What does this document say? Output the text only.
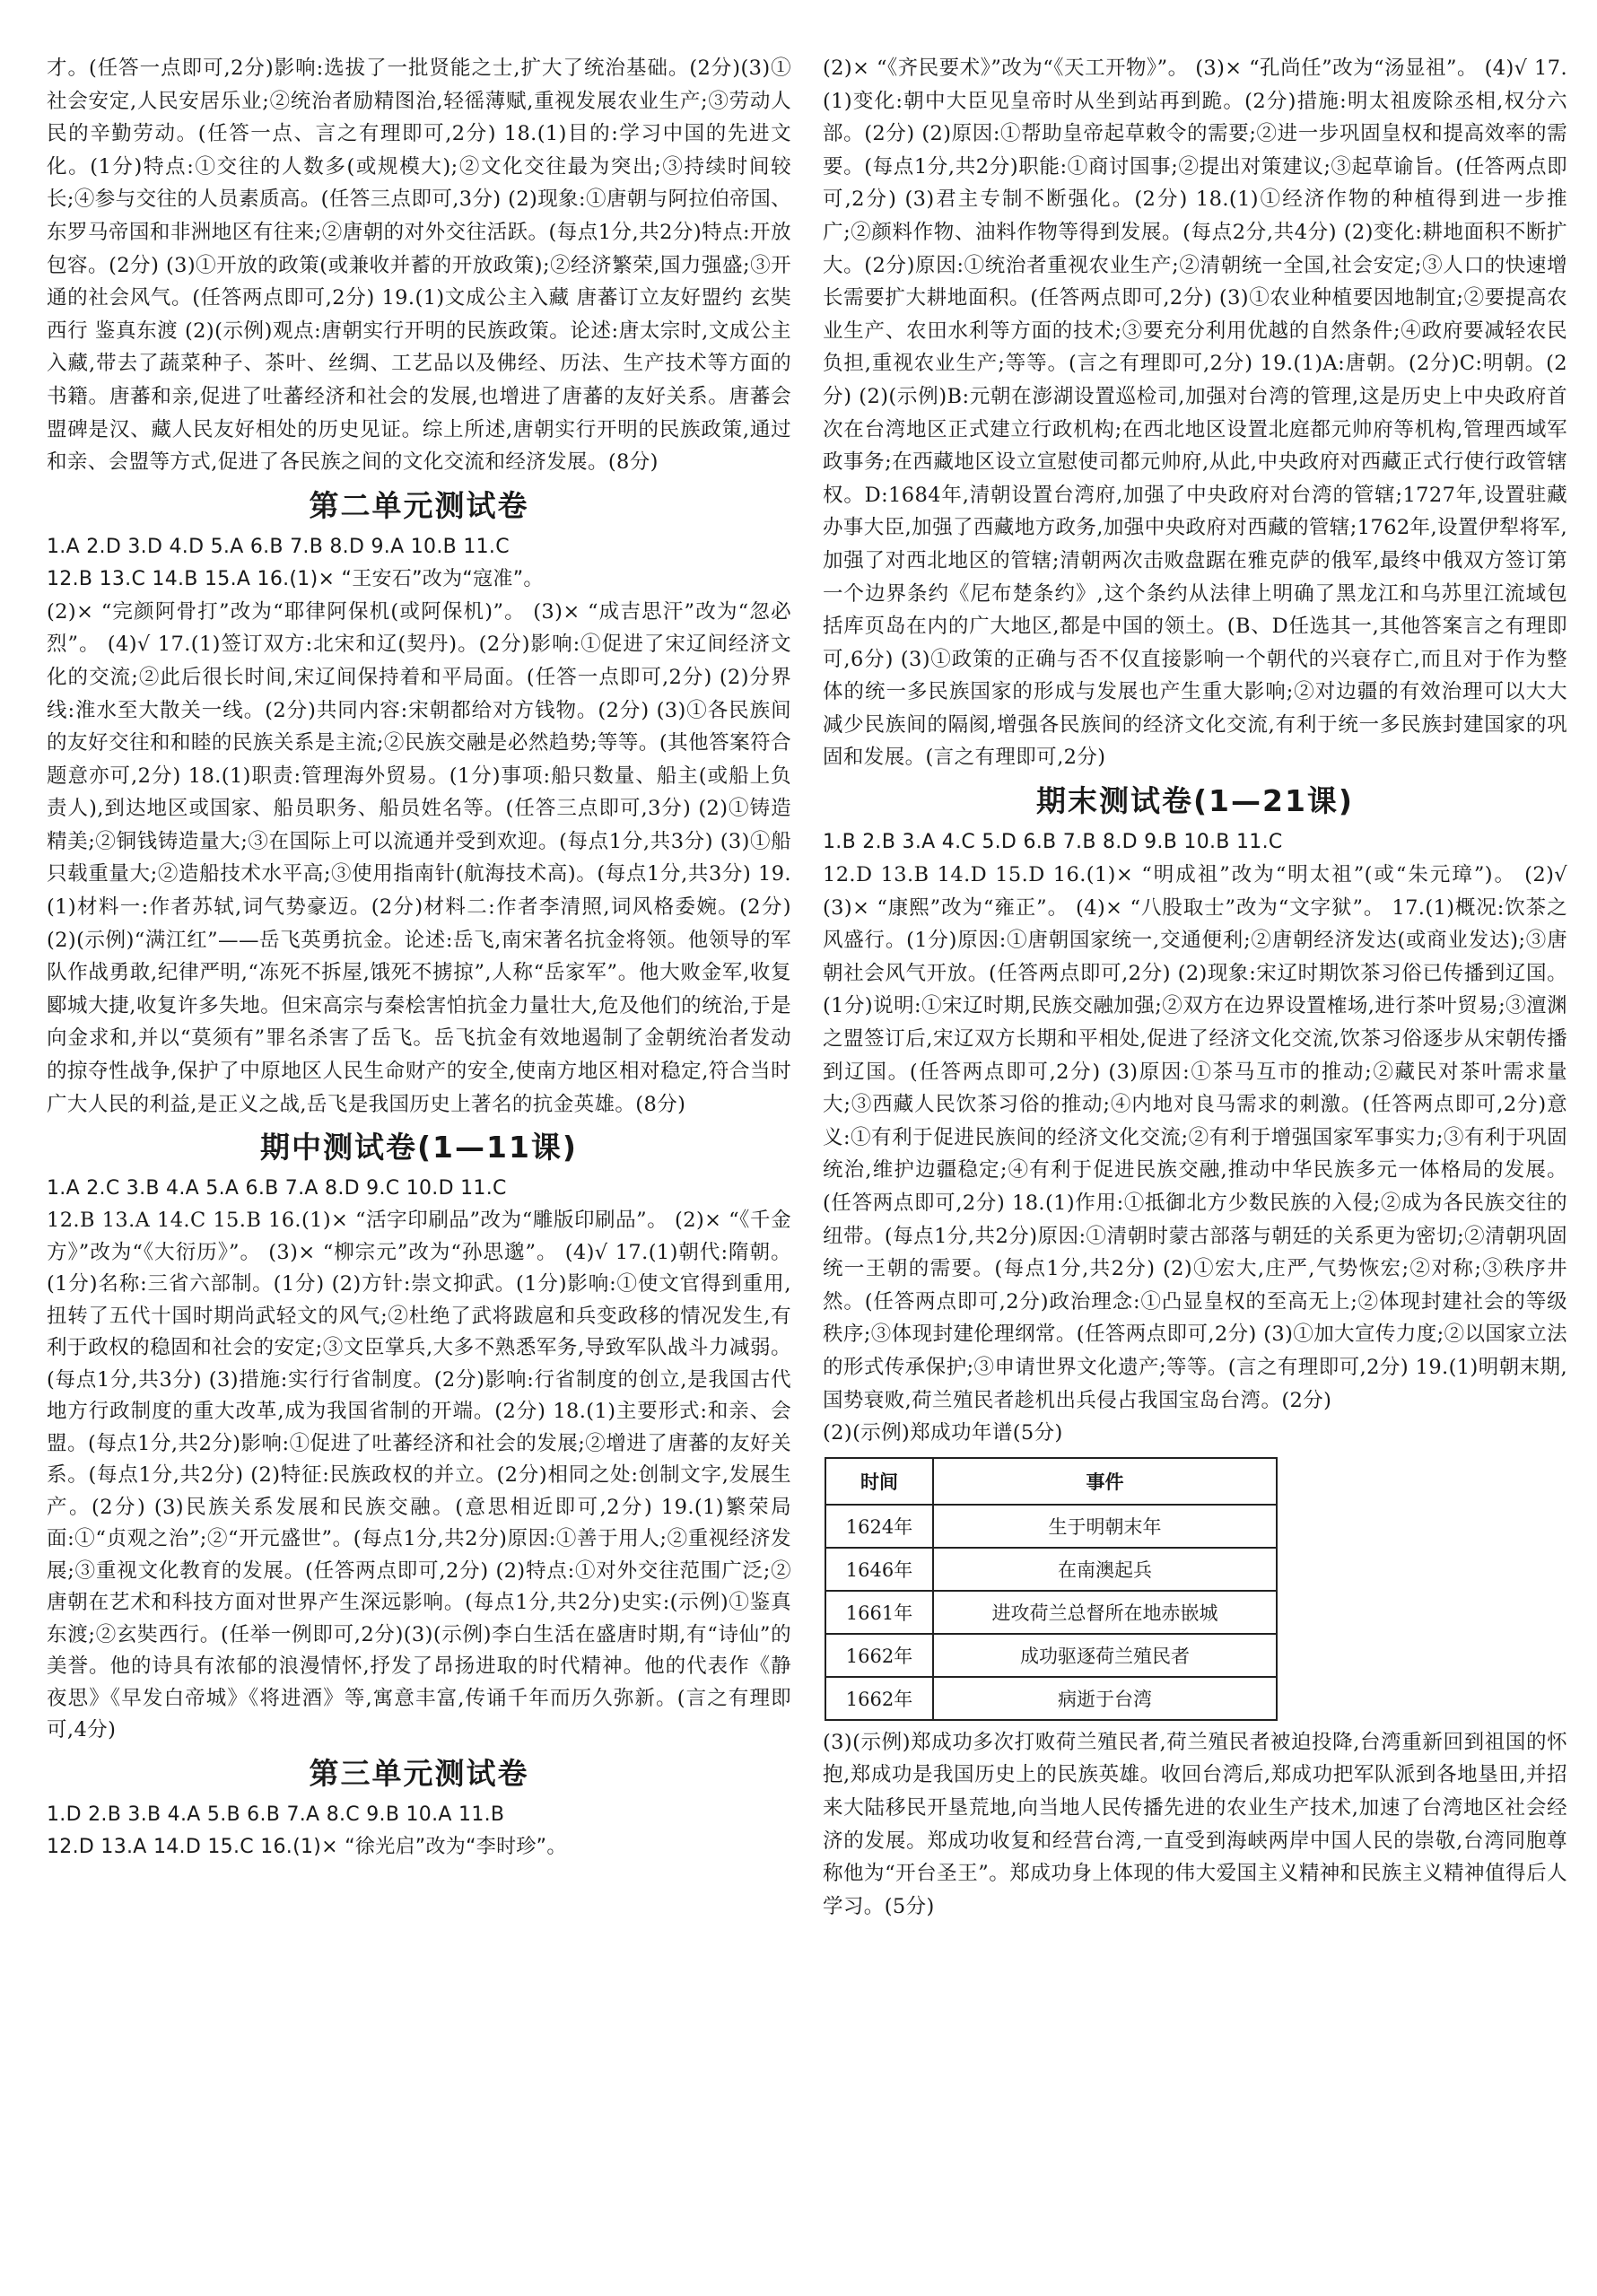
才。(任答一点即可,2分)影响:选拔了一批贤能之士,扩大了统治基础。(2分)(3)①社会安定,人民安居乐业;②统治者励精图治,轻徭薄赋,重视发展农业生产;③劳动人民的辛勤劳动。(任答一点、言之有理即可,2分) 18.(1)目的:学习中国的先进文化。(1分)特点:①交往的人数多(或规模大);②文化交往最为突出;③持续时间较长;④参与交往的人员素质高。(任答三点即可,3分) (2)现象:①唐朝与阿拉伯帝国、东罗马帝国和非洲地区有往来;②唐朝的对外交往活跃。(每点1分,共2分)特点:开放包容。(2分) (3)①开放的政策(或兼收并蓄的开放政策);②经济繁荣,国力强盛;③开通的社会风气。(任答两点即可,2分) 19.(1)文成公主入藏 唐蕃订立友好盟约 玄奘西行 鉴真东渡 (2)(示例)观点:唐朝实行开明的民族政策。论述:唐太宗时,文成公主入藏,带去了蔬菜种子、茶叶、丝绸、工艺品以及佛经、历法、生产技术等方面的书籍。唐蕃和亲,促进了吐蕃经济和社会的发展,也增进了唐蕃的友好关系。唐蕃会盟碑是汉、藏人民友好相处的历史见证。综上所述,唐朝实行开明的民族政策,通过和亲、会盟等方式,促进了各民族之间的文化交流和经济发展。(8分)

第二单元测试卷

1.A 2.D 3.D 4.D 5.A 6.B 7.B 8.D 9.A 10.B 11.C

12.B 13.C 14.B 15.A 16.(1)× “王安石”改为“寇准”。

(2)× “完颜阿骨打”改为“耶律阿保机(或阿保机)”。 (3)× “成吉思汗”改为“忽必烈”。 (4)√ 17.(1)签订双方:北宋和辽(契丹)。(2分)影响:①促进了宋辽间经济文化的交流;②此后很长时间,宋辽间保持着和平局面。(任答一点即可,2分) (2)分界线:淮水至大散关一线。(2分)共同内容:宋朝都给对方钱物。(2分) (3)①各民族间的友好交往和和睦的民族关系是主流;②民族交融是必然趋势;等等。(其他答案符合题意亦可,2分) 18.(1)职责:管理海外贸易。(1分)事项:船只数量、船主(或船上负责人),到达地区或国家、船员职务、船员姓名等。(任答三点即可,3分) (2)①铸造精美;②铜钱铸造量大;③在国际上可以流通并受到欢迎。(每点1分,共3分) (3)①船只载重量大;②造船技术水平高;③使用指南针(航海技术高)。(每点1分,共3分) 19.(1)材料一:作者苏轼,词气势豪迈。(2分)材料二:作者李清照,词风格委婉。(2分) (2)(示例)“满江红”——岳飞英勇抗金。论述:岳飞,南宋著名抗金将领。他领导的军队作战勇敢,纪律严明,“冻死不拆屋,饿死不掳掠”,人称“岳家军”。他大败金军,收复郾城大捷,收复许多失地。但宋高宗与秦桧害怕抗金力量壮大,危及他们的统治,于是向金求和,并以“莫须有”罪名杀害了岳飞。岳飞抗金有效地遏制了金朝统治者发动的掠夺性战争,保护了中原地区人民生命财产的安全,使南方地区相对稳定,符合当时广大人民的利益,是正义之战,岳飞是我国历史上著名的抗金英雄。(8分)

期中测试卷(1—11课)

1.A 2.C 3.B 4.A 5.A 6.B 7.A 8.D 9.C 10.D 11.C

12.B 13.A 14.C 15.B 16.(1)× “活字印刷品”改为“雕版印刷品”。 (2)× “《千金方》”改为“《大衍历》”。 (3)× “柳宗元”改为“孙思邈”。 (4)√ 17.(1)朝代:隋朝。(1分)名称:三省六部制。(1分) (2)方针:崇文抑武。(1分)影响:①使文官得到重用,扭转了五代十国时期尚武轻文的风气;②杜绝了武将跋扈和兵变政移的情况发生,有利于政权的稳固和社会的安定;③文臣掌兵,大多不熟悉军务,导致军队战斗力减弱。(每点1分,共3分) (3)措施:实行行省制度。(2分)影响:行省制度的创立,是我国古代地方行政制度的重大改革,成为我国省制的开端。(2分) 18.(1)主要形式:和亲、会盟。(每点1分,共2分)影响:①促进了吐蕃经济和社会的发展;②增进了唐蕃的友好关系。(每点1分,共2分) (2)特征:民族政权的并立。(2分)相同之处:创制文字,发展生产。(2分) (3)民族关系发展和民族交融。(意思相近即可,2分) 19.(1)繁荣局面:①“贞观之治”;②“开元盛世”。(每点1分,共2分)原因:①善于用人;②重视经济发展;③重视文化教育的发展。(任答两点即可,2分) (2)特点:①对外交往范围广泛;②唐朝在艺术和科技方面对世界产生深远影响。(每点1分,共2分)史实:(示例)①鉴真东渡;②玄奘西行。(任举一例即可,2分)(3)(示例)李白生活在盛唐时期,有“诗仙”的美誉。他的诗具有浓郁的浪漫情怀,抒发了昂扬进取的时代精神。他的代表作《静夜思》《早发白帝城》《将进酒》等,寓意丰富,传诵千年而历久弥新。(言之有理即可,4分)

第三单元测试卷

1.D 2.B 3.B 4.A 5.B 6.B 7.A 8.C 9.B 10.A 11.B

12.D 13.A 14.D 15.C 16.(1)× “徐光启”改为“李时珍”。

(2)× “《齐民要术》”改为“《天工开物》”。 (3)× “孔尚任”改为“汤显祖”。 (4)√ 17.(1)变化:朝中大臣见皇帝时从坐到站再到跪。(2分)措施:明太祖废除丞相,权分六部。(2分) (2)原因:①帮助皇帝起草敕令的需要;②进一步巩固皇权和提高效率的需要。(每点1分,共2分)职能:①商讨国事;②提出对策建议;③起草谕旨。(任答两点即可,2分) (3)君主专制不断强化。(2分) 18.(1)①经济作物的种植得到进一步推广;②颜料作物、油料作物等得到发展。(每点2分,共4分) (2)变化:耕地面积不断扩大。(2分)原因:①统治者重视农业生产;②清朝统一全国,社会安定;③人口的快速增长需要扩大耕地面积。(任答两点即可,2分) (3)①农业种植要因地制宜;②要提高农业生产、农田水利等方面的技术;③要充分利用优越的自然条件;④政府要减轻农民负担,重视农业生产;等等。(言之有理即可,2分) 19.(1)A:唐朝。(2分)C:明朝。(2分) (2)(示例)B:元朝在澎湖设置巡检司,加强对台湾的管理,这是历史上中央政府首次在台湾地区正式建立行政机构;在西北地区设置北庭都元帅府等机构,管理西域军政事务;在西藏地区设立宣慰使司都元帅府,从此,中央政府对西藏正式行使行政管辖权。D:1684年,清朝设置台湾府,加强了中央政府对台湾的管辖;1727年,设置驻藏办事大臣,加强了西藏地方政务,加强中央政府对西藏的管辖;1762年,设置伊犁将军,加强了对西北地区的管辖;清朝两次击败盘踞在雅克萨的俄军,最终中俄双方签订第一个边界条约《尼布楚条约》,这个条约从法律上明确了黑龙江和乌苏里江流域包括库页岛在内的广大地区,都是中国的领土。(B、D任选其一,其他答案言之有理即可,6分) (3)①政策的正确与否不仅直接影响一个朝代的兴衰存亡,而且对于作为整体的统一多民族国家的形成与发展也产生重大影响;②对边疆的有效治理可以大大减少民族间的隔阂,增强各民族间的经济文化交流,有利于统一多民族封建国家的巩固和发展。(言之有理即可,2分)

期末测试卷(1—21课)

1.B 2.B 3.A 4.C 5.D 6.B 7.B 8.D 9.B 10.B 11.C

12.D 13.B 14.D 15.D 16.(1)× “明成祖”改为“明太祖”(或“朱元璋”)。 (2)√ (3)× “康熙”改为“雍正”。 (4)× “八股取士”改为“文字狱”。 17.(1)概况:饮茶之风盛行。(1分)原因:①唐朝国家统一,交通便利;②唐朝经济发达(或商业发达);③唐朝社会风气开放。(任答两点即可,2分) (2)现象:宋辽时期饮茶习俗已传播到辽国。(1分)说明:①宋辽时期,民族交融加强;②双方在边界设置榷场,进行茶叶贸易;③澶渊之盟签订后,宋辽双方长期和平相处,促进了经济文化交流,饮茶习俗逐步从宋朝传播到辽国。(任答两点即可,2分) (3)原因:①茶马互市的推动;②藏民对茶叶需求量大;③西藏人民饮茶习俗的推动;④内地对良马需求的刺激。(任答两点即可,2分)意义:①有利于促进民族间的经济文化交流;②有利于增强国家军事实力;③有利于巩固统治,维护边疆稳定;④有利于促进民族交融,推动中华民族多元一体格局的发展。(任答两点即可,2分) 18.(1)作用:①抵御北方少数民族的入侵;②成为各民族交往的纽带。(每点1分,共2分)原因:①清朝时蒙古部落与朝廷的关系更为密切;②清朝巩固统一王朝的需要。(每点1分,共2分) (2)①宏大,庄严,气势恢宏;②对称;③秩序井然。(任答两点即可,2分)政治理念:①凸显皇权的至高无上;②体现封建社会的等级秩序;③体现封建伦理纲常。(任答两点即可,2分) (3)①加大宣传力度;②以国家立法的形式传承保护;③申请世界文化遗产;等等。(言之有理即可,2分) 19.(1)明朝末期,国势衰败,荷兰殖民者趁机出兵侵占我国宝岛台湾。(2分)

(2)(示例)郑成功年谱(5分)

时间	事件
1624年	生于明朝末年
1646年	在南澳起兵
1661年	进攻荷兰总督所在地赤嵌城
1662年	成功驱逐荷兰殖民者
1662年	病逝于台湾

(3)(示例)郑成功多次打败荷兰殖民者,荷兰殖民者被迫投降,台湾重新回到祖国的怀抱,郑成功是我国历史上的民族英雄。收回台湾后,郑成功把军队派到各地垦田,并招来大陆移民开垦荒地,向当地人民传播先进的农业生产技术,加速了台湾地区社会经济的发展。郑成功收复和经营台湾,一直受到海峡两岸中国人民的崇敬,台湾同胞尊称他为“开台圣王”。郑成功身上体现的伟大爱国主义精神和民族主义精神值得后人学习。(5分)
